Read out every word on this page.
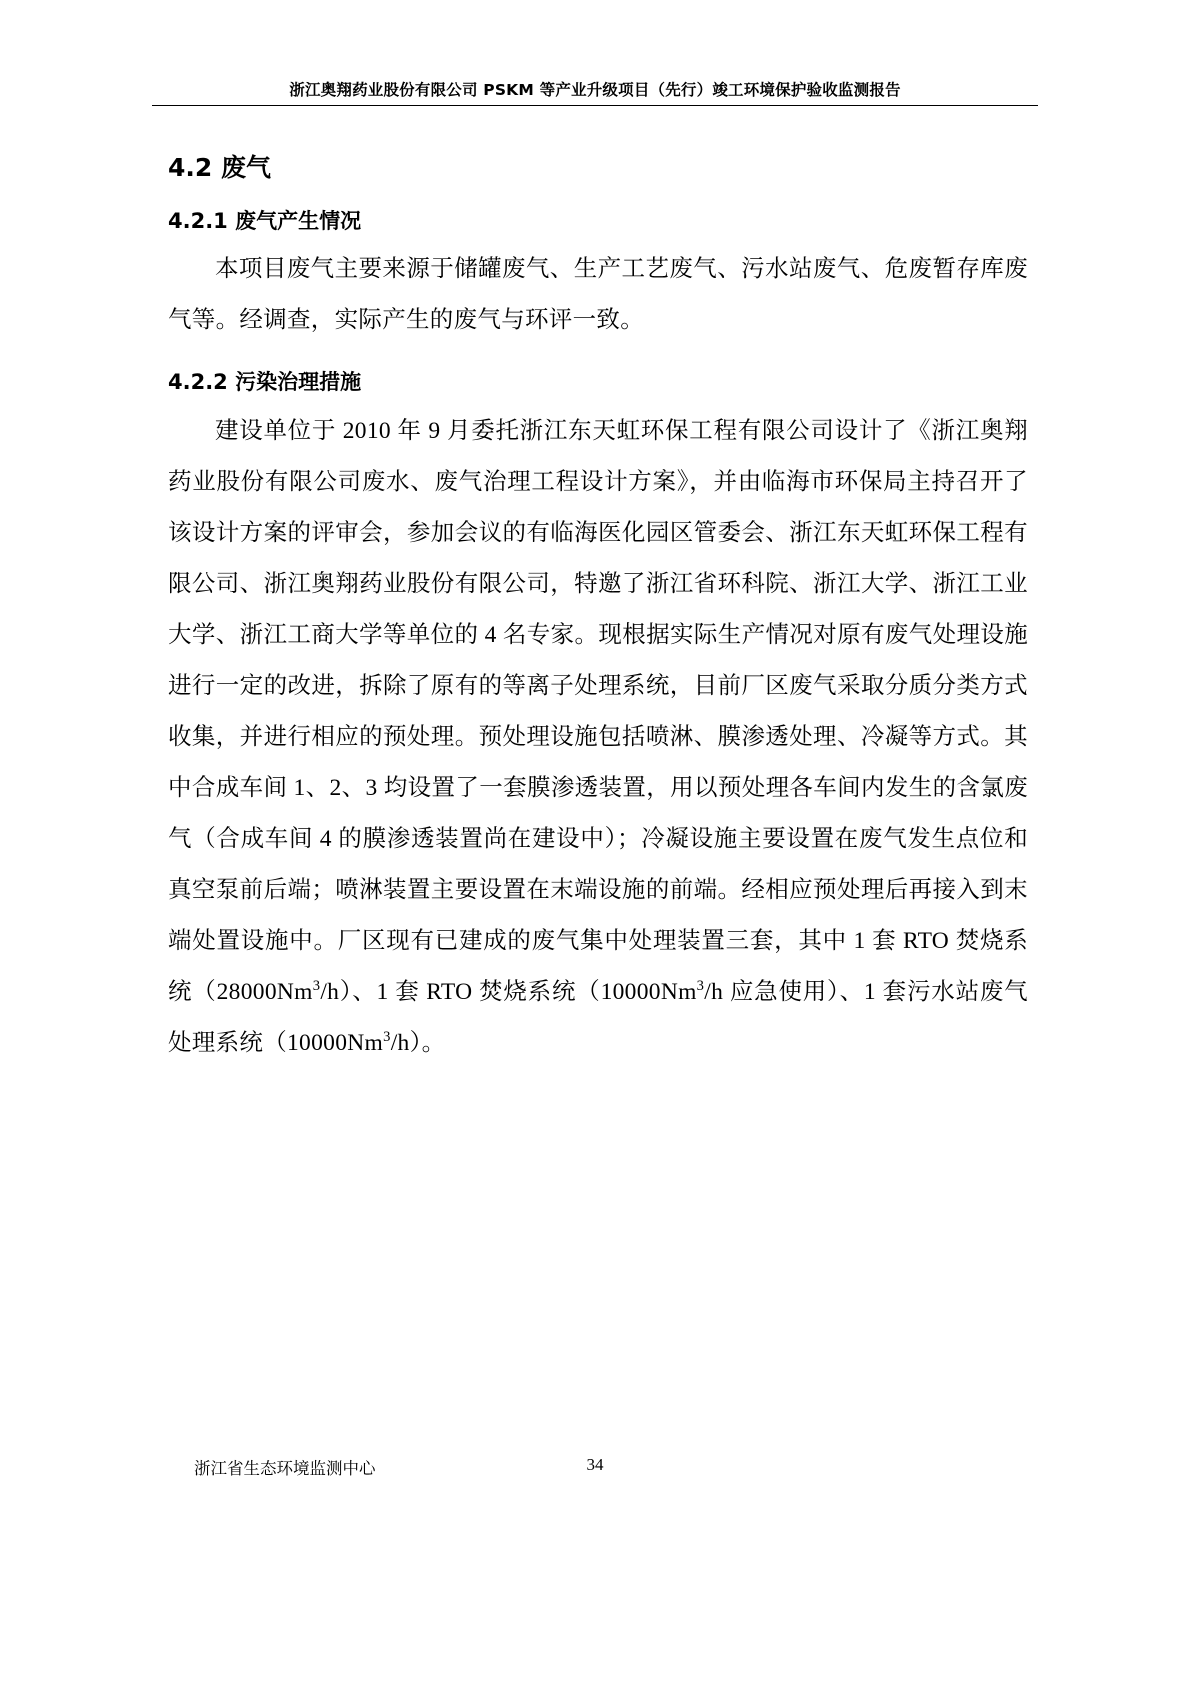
浙江奥翔药业股份有限公司 PSKM 等产业升级项目（先行）竣工环境保护验收监测报告
4.2 废气
4.2.1 废气产生情况

本项目废气主要来源于储罐废气、生产工艺废气、污水站废气、危废暂存库废气等。经调查，实际产生的废气与环评一致。

4.2.2 污染治理措施

建设单位于 2010 年 9 月委托浙江东天虹环保工程有限公司设计了《浙江奥翔药业股份有限公司废水、废气治理工程设计方案》，并由临海市环保局主持召开了该设计方案的评审会，参加会议的有临海医化园区管委会、浙江东天虹环保工程有限公司、浙江奥翔药业股份有限公司，特邀了浙江省环科院、浙江大学、浙江工业大学、浙江工商大学等单位的 4 名专家。现根据实际生产情况对原有废气处理设施进行一定的改进，拆除了原有的等离子处理系统，目前厂区废气采取分质分类方式收集，并进行相应的预处理。预处理设施包括喷淋、膜渗透处理、冷凝等方式。其中合成车间 1、2、3 均设置了一套膜渗透装置，用以预处理各车间内发生的含氯废气（合成车间 4 的膜渗透装置尚在建设中）；冷凝设施主要设置在废气发生点位和真空泵前后端；喷淋装置主要设置在末端设施的前端。经相应预处理后再接入到末端处置设施中。厂区现有已建成的废气集中处理装置三套，其中 1 套 RTO 焚烧系统（28000Nm$^3$/h）、1 套 RTO 焚烧系统（10000Nm$^3$/h 应急使用）、1 套污水站废气处理系统（10000Nm$^3$/h）。

浙江省生态环境监测中心	34
